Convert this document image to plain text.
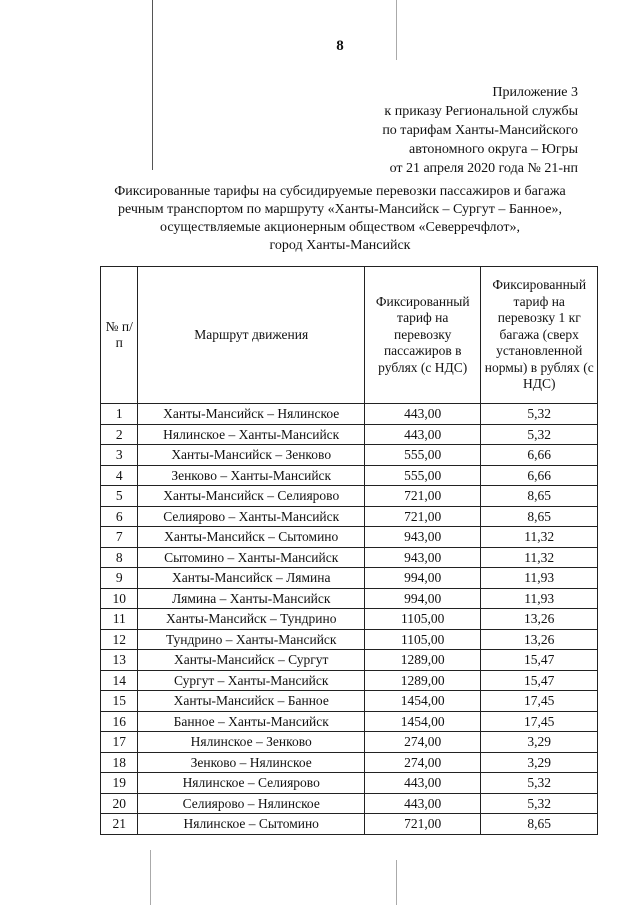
8
Приложение 3
к приказу Региональной службы
по тарифам Ханты-Мансийского
автономного округа – Югры
от 21 апреля 2020 года № 21-нп
Фиксированные тарифы на субсидируемые перевозки пассажиров и багажа
речным транспортом по маршруту «Ханты-Мансийск – Сургут – Банное»,
осуществляемые акционерным обществом «Северречфлот»,
город Ханты-Мансийск
№ п/п	Маршрут движения	Фиксированный тариф на перевозку пассажиров в рублях (с НДС)	Фиксированный тариф на перевозку 1 кг багажа (сверх установленной нормы) в рублях (с НДС)
1	Ханты-Мансийск – Нялинское	443,00	5,32
2	Нялинское – Ханты-Мансийск	443,00	5,32
3	Ханты-Мансийск – Зенково	555,00	6,66
4	Зенково – Ханты-Мансийск	555,00	6,66
5	Ханты-Мансийск – Селиярово	721,00	8,65
6	Селиярово – Ханты-Мансийск	721,00	8,65
7	Ханты-Мансийск – Сытомино	943,00	11,32
8	Сытомино – Ханты-Мансийск	943,00	11,32
9	Ханты-Мансийск – Лямина	994,00	11,93
10	Лямина – Ханты-Мансийск	994,00	11,93
11	Ханты-Мансийск – Тундрино	1105,00	13,26
12	Тундрино – Ханты-Мансийск	1105,00	13,26
13	Ханты-Мансийск – Сургут	1289,00	15,47
14	Сургут – Ханты-Мансийск	1289,00	15,47
15	Ханты-Мансийск – Банное	1454,00	17,45
16	Банное – Ханты-Мансийск	1454,00	17,45
17	Нялинское – Зенково	274,00	3,29
18	Зенково – Нялинское	274,00	3,29
19	Нялинское – Селиярово	443,00	5,32
20	Селиярово – Нялинское	443,00	5,32
21	Нялинское – Сытомино	721,00	8,65
